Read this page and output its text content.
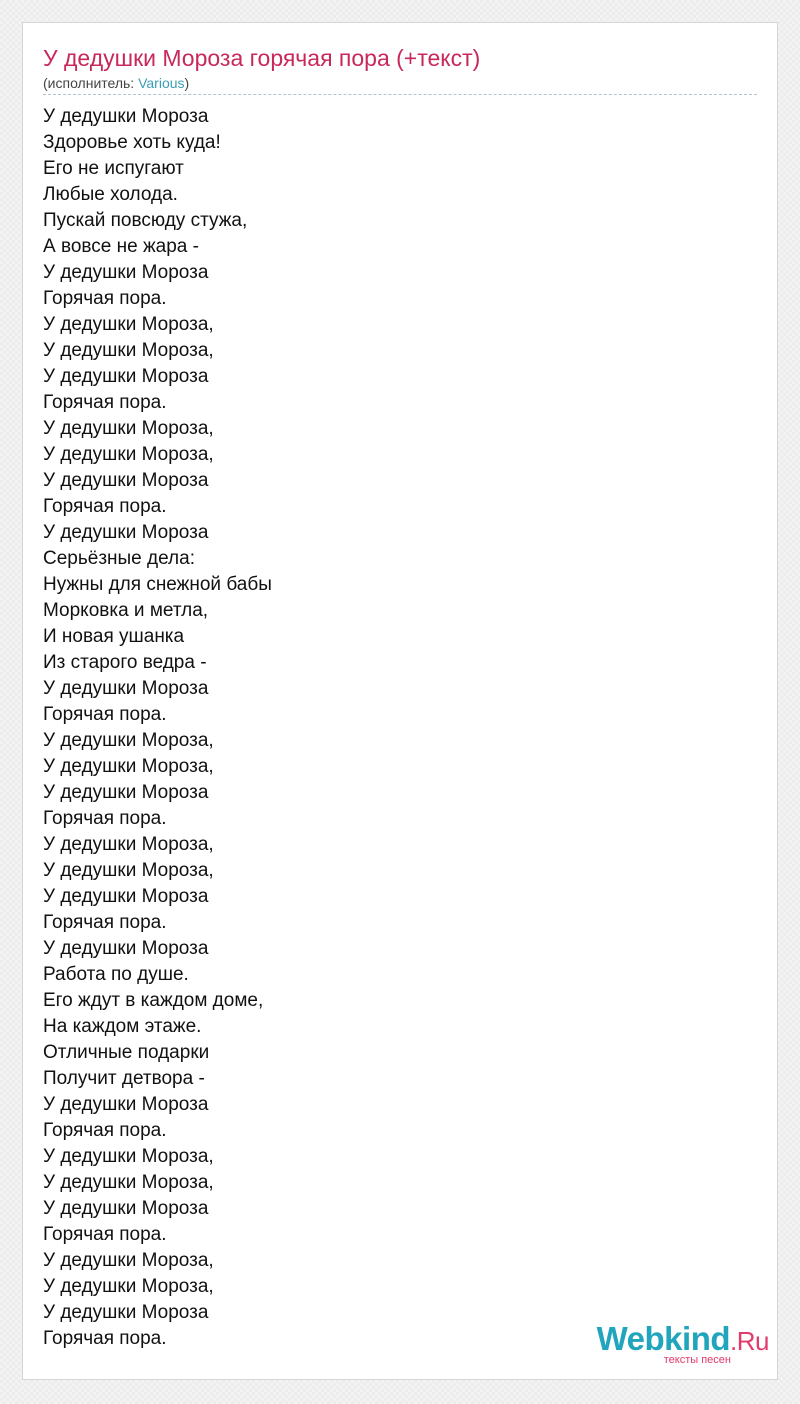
У дедушки Мороза горячая пора (+текст)
(исполнитель: Various)
У дедушки Мороза
Здоровье хоть куда!
Его не испугают
Любые холода.
Пускай повсюду стужа,
А вовсе не жара -
У дедушки Мороза
Горячая пора.
У дедушки Мороза,
У дедушки Мороза,
У дедушки Мороза
Горячая пора.
У дедушки Мороза,
У дедушки Мороза,
У дедушки Мороза
Горячая пора.
У дедушки Мороза
Серьёзные дела:
Нужны для снежной бабы
Морковка и метла,
И новая ушанка
Из старого ведра -
У дедушки Мороза
Горячая пора.
У дедушки Мороза,
У дедушки Мороза,
У дедушки Мороза
Горячая пора.
У дедушки Мороза,
У дедушки Мороза,
У дедушки Мороза
Горячая пора.
У дедушки Мороза
Работа по душе.
Его ждут в каждом доме,
На каждом этаже.
Отличные подарки
Получит детвора -
У дедушки Мороза
Горячая пора.
У дедушки Мороза,
У дедушки Мороза,
У дедушки Мороза
Горячая пора.
У дедушки Мороза,
У дедушки Мороза,
У дедушки Мороза
Горячая пора.	Webkind.Ru
тексты песен
